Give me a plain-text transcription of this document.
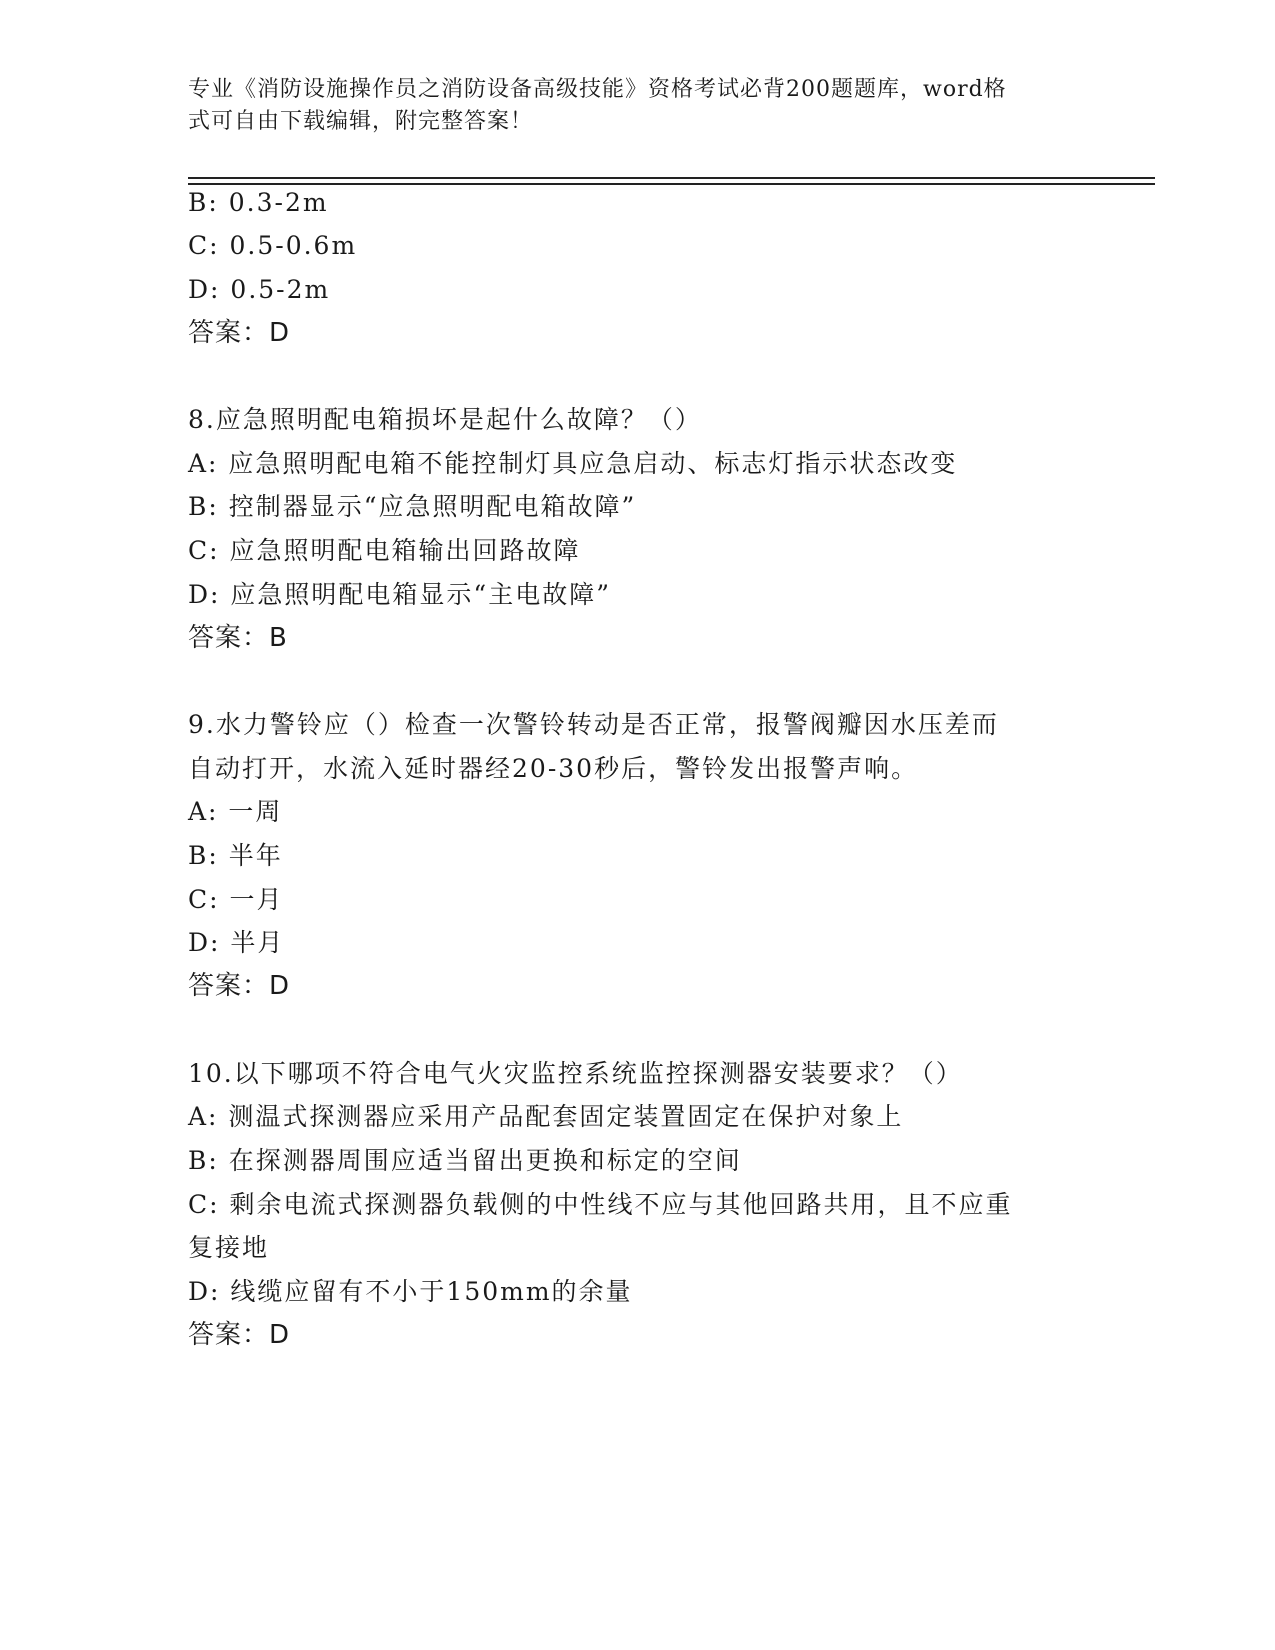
专业《消防设施操作员之消防设备高级技能》资格考试必背200题题库，word格
式可自由下载编辑，附完整答案！
B: 0.3-2m
C: 0.5-0.6m
D: 0.5-2m
答案：D
8.应急照明配电箱损坏是起什么故障？（）
A: 应急照明配电箱不能控制灯具应急启动、标志灯指示状态改变
B: 控制器显示“应急照明配电箱故障”
C: 应急照明配电箱输出回路故障
D: 应急照明配电箱显示“主电故障”
答案：B
9.水力警铃应（）检查一次警铃转动是否正常，报警阀瓣因水压差而
自动打开，水流入延时器经20-30秒后，警铃发出报警声响。
A: 一周
B: 半年
C: 一月
D: 半月
答案：D
10.以下哪项不符合电气火灾监控系统监控探测器安装要求？（）
A: 测温式探测器应采用产品配套固定装置固定在保护对象上
B: 在探测器周围应适当留出更换和标定的空间
C: 剩余电流式探测器负载侧的中性线不应与其他回路共用，且不应重
复接地
D: 线缆应留有不小于150mm的余量
答案：D
